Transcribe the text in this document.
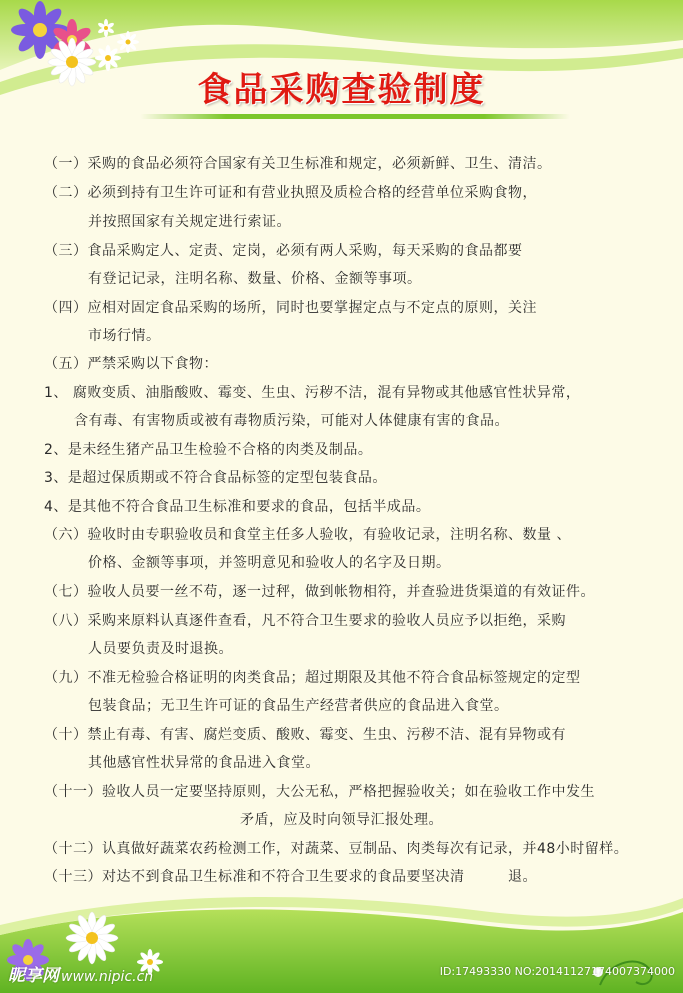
食品采购查验制度
（一）采购的食品必须符合国家有关卫生标准和规定，必须新鲜、卫生、清洁。
（二）必须到持有卫生许可证和有营业执照及质检合格的经营单位采购食物，
并按照国家有关规定进行索证。
（三）食品采购定人、定责、定岗，必须有两人采购，每天采购的食品都要
有登记记录，注明名称、数量、价格、金额等事项。
（四）应相对固定食品采购的场所，同时也要掌握定点与不定点的原则，关注
市场行情。
（五）严禁采购以下食物：
1、 腐败变质、油脂酸败、霉变、生虫、污秽不洁，混有异物或其他感官性状异常，
含有毒、有害物质或被有毒物质污染，可能对人体健康有害的食品。
2、是未经生猪产品卫生检验不合格的肉类及制品。
3、是超过保质期或不符合食品标签的定型包装食品。
4、是其他不符合食品卫生标准和要求的食品，包括半成品。
（六）验收时由专职验收员和食堂主任多人验收，有验收记录，注明名称、数量 、
价格、金额等事项，并签明意见和验收人的名字及日期。
（七）验收人员要一丝不苟，逐一过秤，做到帐物相符，并查验进货渠道的有效证件。
（八）采购来原料认真逐件查看，凡不符合卫生要求的验收人员应予以拒绝，采购
人员要负责及时退换。
（九）不准无检验合格证明的肉类食品；超过期限及其他不符合食品标签规定的定型
包装食品；无卫生许可证的食品生产经营者供应的食品进入食堂。
（十）禁止有毒、有害、腐烂变质、酸败、霉变、生虫、污秽不洁、混有异物或有
其他感官性状异常的食品进入食堂。
（十一）验收人员一定要坚持原则，大公无私，严格把握验收关；如在验收工作中发生
矛盾，应及时向领导汇报处理。
（十二）认真做好蔬菜农药检测工作，对蔬菜、豆制品、肉类每次有记录，并48小时留样。
（十三）对达不到食品卫生标准和不符合卫生要求的食品要坚决清　　　退。
昵享网 www.nipic.cn	ID:17493330 NO:20141127174007374000
